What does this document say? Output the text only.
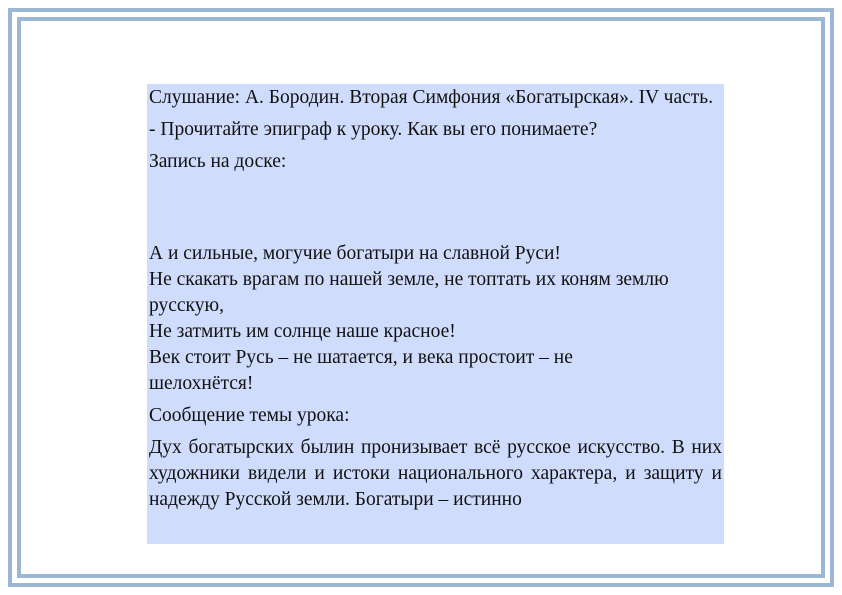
Слушание: А. Бородин. Вторая Симфония «Богатырская». IV часть.
- Прочитайте эпиграф к уроку. Как вы его понимаете?
Запись на доске:
А и сильные, могучие богатыри на славной Руси!
Не скакать врагам по нашей земле, не топтать их коням землю русскую,
Не затмить им солнце наше красное!
Век стоит Русь – не шатается, и века простоит – не шелохнётся!
Сообщение темы урока:
Дух богатырских былин пронизывает всё русское искусство. В них художники видели и истоки национального характера, и защиту и надежду Русской земли. Богатыри – истинно
